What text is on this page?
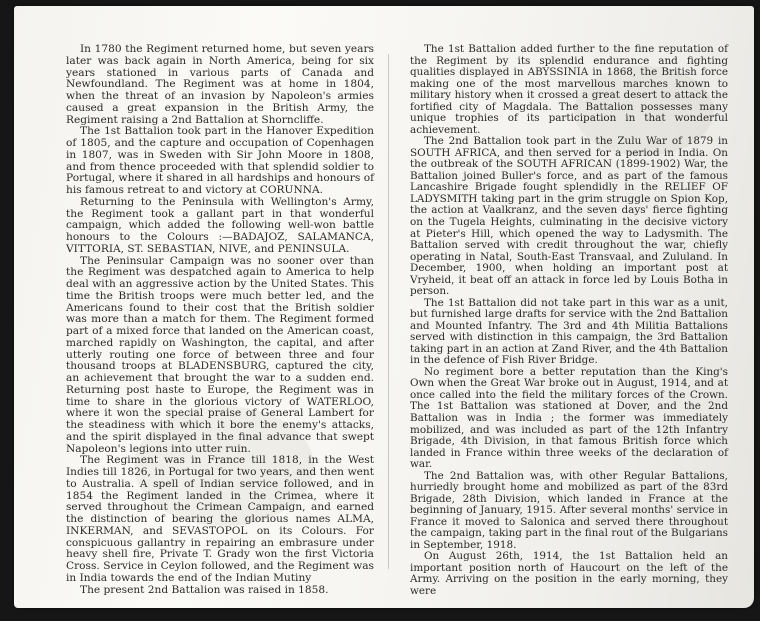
In 1780 the Regiment returned home, but seven years later was back again in North America, being for six years stationed in various parts of Canada and Newfoundland. The Regiment was at home in 1804, when the threat of an invasion by Napoleon's armies caused a great expansion in the British Army, the Regiment raising a 2nd Battalion at Shorncliffe.

The 1st Battalion took part in the Hanover Expedition of 1805, and the capture and occupation of Copenhagen in 1807, was in Sweden with Sir John Moore in 1808, and from thence proceeded with that splendid soldier to Portugal, where it shared in all hardships and honours of his famous retreat to and victory at CORUNNA.

Returning to the Peninsula with Wellington's Army, the Regiment took a gallant part in that wonderful campaign, which added the following well-won battle honours to the Colours :—BADAJOZ, SALAMANCA, VITTORIA, ST. SEBASTIAN, NIVE, and PENINSULA.

The Peninsular Campaign was no sooner over than the Regiment was despatched again to America to help deal with an aggressive action by the United States. This time the British troops were much better led, and the Americans found to their cost that the British soldier was more than a match for them. The Regiment formed part of a mixed force that landed on the American coast, marched rapidly on Washington, the capital, and after utterly routing one force of between three and four thousand troops at BLADENSBURG, captured the city, an achievement that brought the war to a sudden end. Returning post haste to Europe, the Regiment was in time to share in the glorious victory of WATERLOO, where it won the special praise of General Lambert for the steadiness with which it bore the enemy's attacks, and the spirit displayed in the final advance that swept Napoleon's legions into utter ruin.

The Regiment was in France till 1818, in the West Indies till 1826, in Portugal for two years, and then went to Australia. A spell of Indian service followed, and in 1854 the Regiment landed in the Crimea, where it served throughout the Crimean Campaign, and earned the distinction of bearing the glorious names ALMA, INKERMAN, and SEVASTOPOL on its Colours. For conspicuous gallantry in repairing an embrasure under heavy shell fire, Private T. Grady won the first Victoria Cross. Service in Ceylon followed, and the Regiment was in India towards the end of the Indian Mutiny

The present 2nd Battalion was raised in 1858.

The 1st Battalion added further to the fine reputation of the Regiment by its splendid endurance and fighting qualities displayed in ABYSSINIA in 1868, the British force making one of the most marvellous marches known to military history when it crossed a great desert to attack the fortified city of Magdala. The Battalion possesses many unique trophies of its participation in that wonderful achievement.

The 2nd Battalion took part in the Zulu War of 1879 in SOUTH AFRICA, and then served for a period in India. On the outbreak of the SOUTH AFRICAN (1899-1902) War, the Battalion joined Buller's force, and as part of the famous Lancashire Brigade fought splendidly in the RELIEF OF LADYSMITH taking part in the grim struggle on Spion Kop, the action at Vaalkranz, and the seven days' fierce fighting on the Tugela Heights, culminating in the decisive victory at Pieter's Hill, which opened the way to Ladysmith. The Battalion served with credit throughout the war, chiefly operating in Natal, South-East Transvaal, and Zululand. In December, 1900, when holding an important post at Vryheid, it beat off an attack in force led by Louis Botha in person.

The 1st Battalion did not take part in this war as a unit, but furnished large drafts for service with the 2nd Battalion and Mounted Infantry. The 3rd and 4th Militia Battalions served with distinction in this campaign, the 3rd Battalion taking part in an action at Zand River, and the 4th Battalion in the defence of Fish River Bridge.

No regiment bore a better reputation than the King's Own when the Great War broke out in August, 1914, and at once called into the field the military forces of the Crown. The 1st Battalion was stationed at Dover, and the 2nd Battalion was in India ; the former was immediately mobilized, and was included as part of the 12th Infantry Brigade, 4th Division, in that famous British force which landed in France within three weeks of the declaration of war.

The 2nd Battalion was, with other Regular Battalions, hurriedly brought home and mobilized as part of the 83rd Brigade, 28th Division, which landed in France at the beginning of January, 1915. After several months' service in France it moved to Salonica and served there throughout the campaign, taking part in the final rout of the Bulgarians in September, 1918.

On August 26th, 1914, the 1st Battalion held an important position north of Haucourt on the left of the Army. Arriving on the position in the early morning, they were
